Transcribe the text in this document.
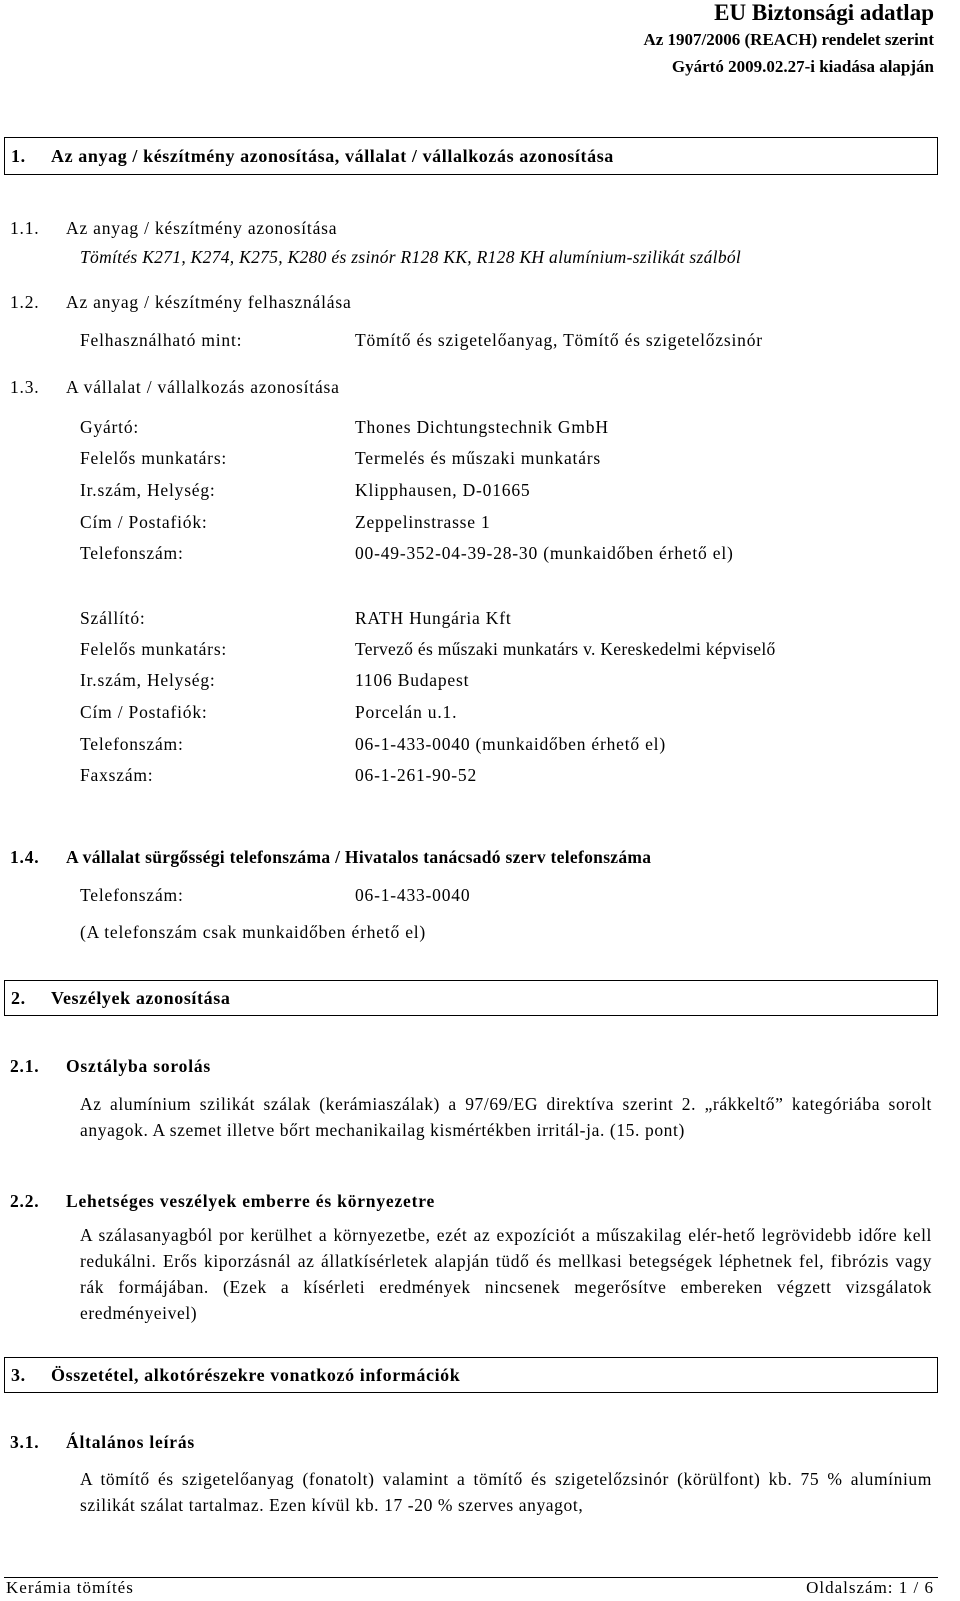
EU Biztonsági adatlap
Az 1907/2006 (REACH) rendelet szerint
Gyártó 2009.02.27-i kiadása alapján
1. Az anyag / készítmény azonosítása, vállalat / vállalkozás azonosítása
1.1. Az anyag / készítmény azonosítása
Tömítés K271, K274, K275, K280 és zsinór R128 KK, R128 KH alumínium-szilikát szálból
1.2. Az anyag / készítmény felhasználása
Felhasználható mint:	Tömítő és szigetelőanyag, Tömítő és szigetelőzsinór
1.3. A vállalat / vállalkozás azonosítása
Gyártó:	Thones Dichtungstechnik GmbH
Felelős munkatárs:	Termelés és műszaki munkatárs
Ir.szám, Helység:	Klipphausen, D-01665
Cím / Postafiók:	Zeppelinstrasse 1
Telefonszám:	00-49-352-04-39-28-30 (munkaidőben érhető el)
Szállító:	RATH Hungária Kft
Felelős munkatárs:	Tervező és műszaki munkatárs v. Kereskedelmi képviselő
Ir.szám, Helység:	1106 Budapest
Cím / Postafiók:	Porcelán u.1.
Telefonszám:	06-1-433-0040 (munkaidőben érhető el)
Faxszám:	06-1-261-90-52
1.4. A vállalat sürgősségi telefonszáma / Hivatalos tanácsadó szerv telefonszáma
Telefonszám:	06-1-433-0040
(A telefonszám csak munkaidőben érhető el)
2. Veszélyek azonosítása
2.1. Osztályba sorolás
Az alumínium szilikát szálak (kerámiaszálak) a 97/69/EG direktíva szerint 2. „rákkeltő” kategóriába sorolt anyagok. A szemet illetve bőrt mechanikailag kismértékben irritál-ja. (15. pont)
2.2. Lehetséges veszélyek emberre és környezetre
A szálasanyagból por kerülhet a környezetbe, ezét az expozíciót a műszakilag elér-hető legrövidebb időre kell redukálni. Erős kiporzásnál az állatkísérletek alapján tüdő és mellkasi betegségek léphetnek fel, fibrózis vagy rák formájában. (Ezek a kísérleti eredmények nincsenek megerősítve embereken végzett vizsgálatok eredményeivel)
3. Összetétel, alkotórészekre vonatkozó információk
3.1. Általános leírás
A tömítő és szigetelőanyag (fonatolt) valamint a tömítő és szigetelőzsinór (körülfont) kb. 75 % alumínium szilikát szálat tartalmaz. Ezen kívül kb. 17 -20 % szerves anyagot,
Kerámia tömítés	Oldalszám: 1 / 6
